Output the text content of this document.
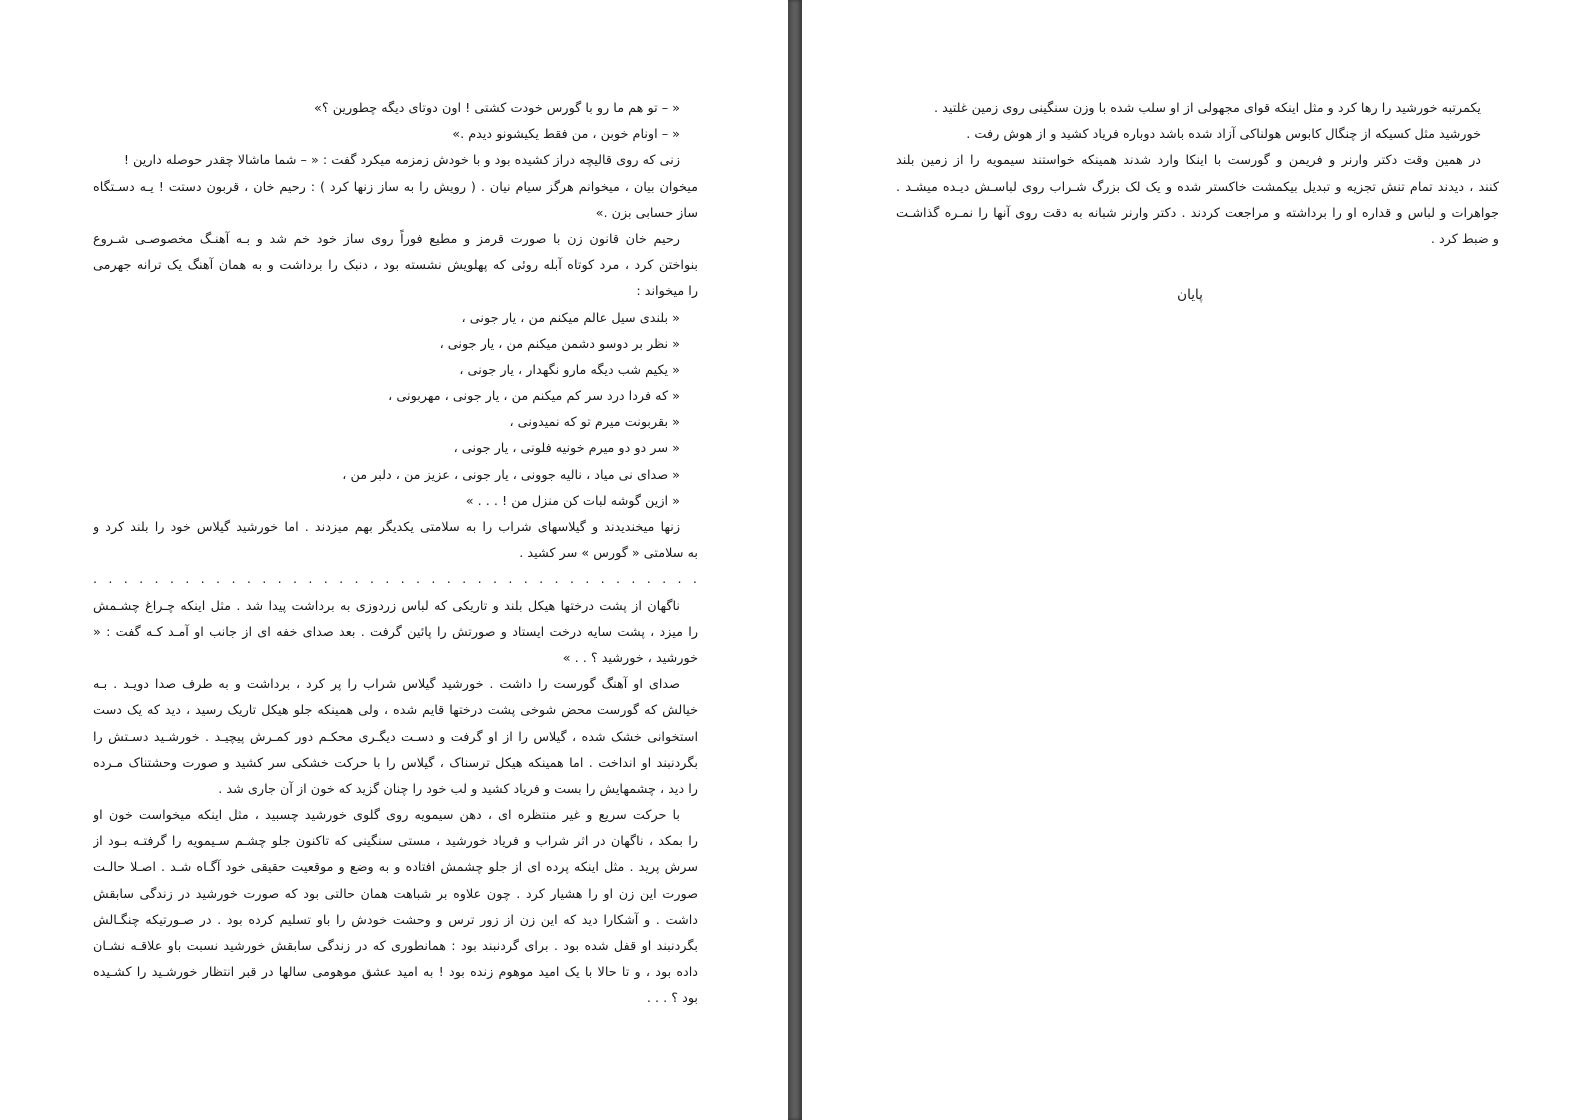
« – تو هم ما رو با گورس خودت کشتی ! اون دوتای دیگه چطورین ؟»
« – اونام خوبن ، من فقط یکیشونو دیدم .»
زنی که روی قالیچه دراز کشیده بود و با خودش زمزمه میکرد گفت : « – شما ماشالا چقدر حوصله دارین !
میخوان بیان ، میخوانم هرگز سیام نیان . ( رویش را به ساز زنها کرد ) : رحیم خان ، قربون دستت ! یـه دسـتگاه
ساز حسابی بزن .»
رحیم خان قانون زن با صورت قرمز و مطیع فوراً روی ساز خود خم شد و بـه آهنـگ مخصوصـی شـروع
بنواختن کرد ، مرد کوتاه آبله روئی که پهلویش نشسته بود ، دنبک را برداشت و به همان آهنگ یک ترانه جهرمی
را میخواند :
« بلندی سیل عالم میکنم من ، یار جونی ،
« نظر بر دوسو دشمن میکنم من ، یار جونی ،
« یکیم شب دیگه مارو نگهدار ، یار جونی ،
« که فردا درد سر کم میکنم من ، یار جونی ، مهربونی ،
« بقربونت میرم تو که نمیدونی ،
« سر دو دو میرم خونیه فلونی ، یار جونی ،
« صدای نی میاد ، نالیه جوونی ، یار جونی ، عزیز من ، دلبر من ،
« ازین گوشه لبات کن منزل من ! . . . »
زنها میخندیدند و گیلاسهای شراب را به سلامتی یکدیگر بهم میزدند . اما خورشید گیلاس خود را بلند کرد و
به سلامتی « گورس » سر کشید .
. . . . . . . . . . . . . . . . . . . . . . . . . . . . . . . . . . . . . . . .
ناگهان از پشت درختها هیکل بلند و تاریکی که لباس زردوزی به برداشت پیدا شد . مثل اینکه چـراغ چشـمش
را میزد ، پشت سایه درخت ایستاد و صورتش را پائین گرفت . بعد صدای خفه ای از جانب او آمـد کـه گفت : «
خورشید ، خورشید ؟ . . »
صدای او آهنگ گورست را داشت . خورشید گیلاس شراب را پر کرد ، برداشت و به طرف صدا دویـد . بـه
خیالش که گورست محض شوخی پشت درختها قایم شده ، ولی همینکه جلو هیکل تاریک رسید ، دید که یک دست
استخوانی خشک شده ، گیلاس را از او گرفت و دسـت دیگـری محکـم دور کمـرش پیچیـد . خورشـید دسـتش را
بگردنبند او انداخت . اما همینکه هیکل ترسناک ، گیلاس را با حرکت خشکی سر کشید و صورت وحشتناک مـرده
را دید ، چشمهایش را بست و فریاد کشید و لب خود را چنان گزید که خون از آن جاری شد .
با حرکت سریع و غیر منتظره ای ، دهن سیمویه روی گلوی خورشید چسبید ، مثل اینکه میخواست خون او
را بمکد ، ناگهان در اثر شراب و فریاد خورشید ، مستی سنگینی که تاکنون جلو چشـم سـیمویه را گرفتـه بـود از
سرش پرید . مثل اینکه پرده ای از جلو چشمش افتاده و به وضع و موقعیت حقیقی خود آگـاه شـد . اصـلا حالـت
صورت این زن او را هشیار کرد . چون علاوه بر شباهت همان حالتی بود که صورت خورشید در زندگی سابقش
داشت . و آشکارا دید که این زن از زور ترس و وحشت خودش را باو تسلیم کرده بود . در صـورتیکه چنگـالش
بگردنبند او قفل شده بود . برای گردنبند بود : همانطوری که در زندگی سابقش خورشید نسبت باو علاقـه نشـان
داده بود ، و تا حالا با یک امید موهوم زنده بود ! به امید عشق موهومی سالها در قبر انتظار خورشـید را کشـیده
بود ؟ . . .
یکمرتبه خورشید را رها کرد و مثل اینکه قوای مجهولی از او سلب شده با وزن سنگینی روی زمین غلتید .
خورشید مثل کسیکه از چنگال کابوس هولناکی آزاد شده باشد دوباره فریاد کشید و از هوش رفت .
در همین وقت دکتر وارنر و فریمن و گورست با اینکا وارد شدند همینکه خواستند سیمویه را از زمین بلند
کنند ، دیدند تمام تنش تجزیه و تبدیل بیکمشت خاکستر شده و یک لک بزرگ شـراب روی لباسـش دیـده میشـد .
جواهرات و لباس و قداره او را برداشته و مراجعت کردند . دکتر وارنر شبانه به دقت روی آنها را نمـره گذاشـت
و ضبط کرد .
پایان
